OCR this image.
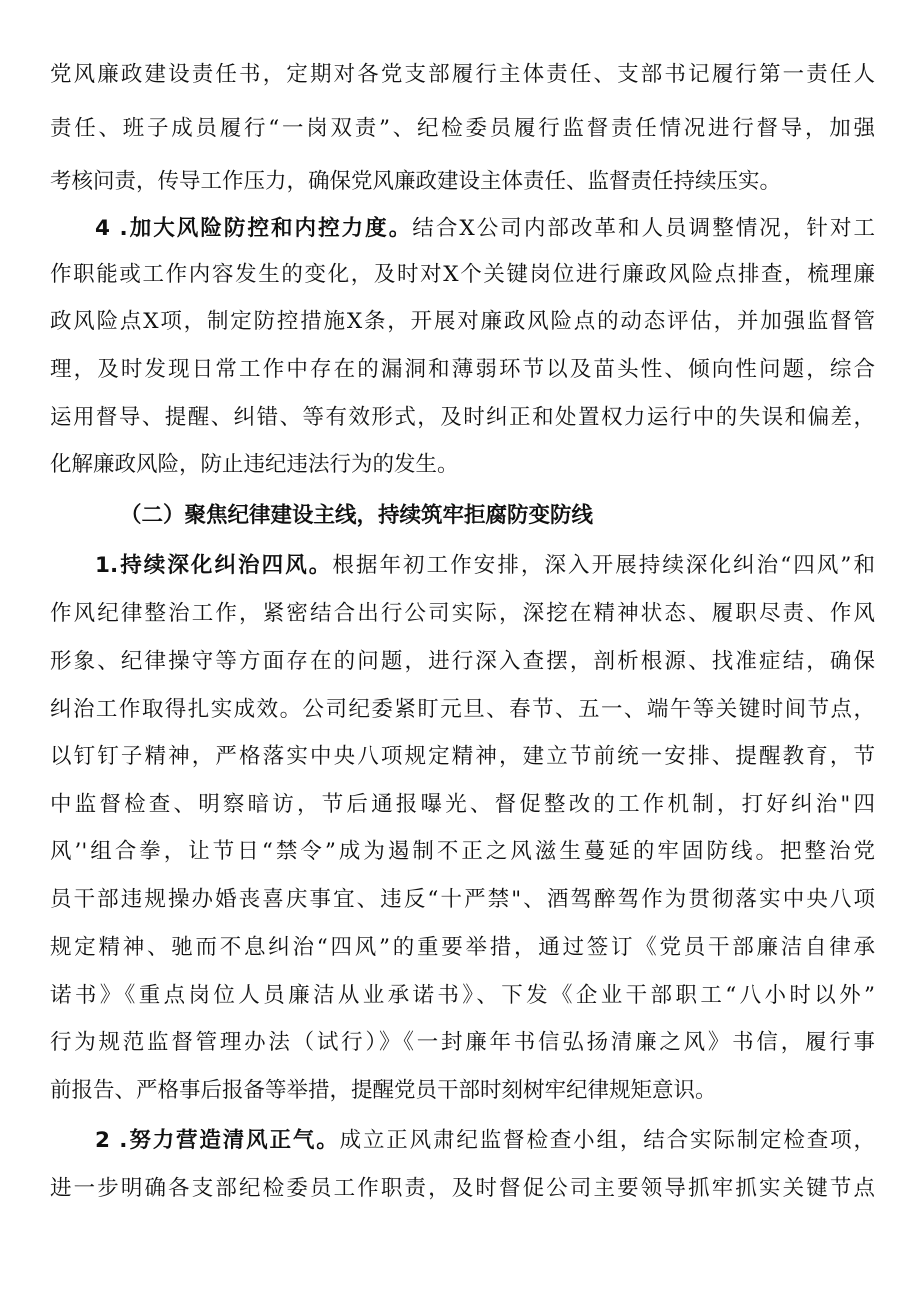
党风廉政建设责任书，定期对各党支部履行主体责任、支部书记履行第一责任人
责任、班子成员履行“一岗双责”、纪检委员履行监督责任情况进行督导，加强
考核问责，传导工作压力，确保党风廉政建设主体责任、监督责任持续压实。
4 .加大风险防控和内控力度。结合X公司内部改革和人员调整情况，针对工
作职能或工作内容发生的变化，及时对X个关键岗位进行廉政风险点排查，梳理廉
政风险点X项，制定防控措施X条，开展对廉政风险点的动态评估，并加强监督管
理，及时发现日常工作中存在的漏洞和薄弱环节以及苗头性、倾向性问题，综合
运用督导、提醒、纠错、等有效形式，及时纠正和处置权力运行中的失误和偏差，
化解廉政风险，防止违纪违法行为的发生。
（二）聚焦纪律建设主线，持续筑牢拒腐防变防线
1.持续深化纠治四风。根据年初工作安排，深入开展持续深化纠治“四风”和
作风纪律整治工作，紧密结合出行公司实际，深挖在精神状态、履职尽责、作风
形象、纪律操守等方面存在的问题，进行深入查摆，剖析根源、找准症结，确保
纠治工作取得扎实成效。公司纪委紧盯元旦、春节、五一、端午等关键时间节点，
以钉钉子精神，严格落实中央八项规定精神，建立节前统一安排、提醒教育，节
中监督检查、明察暗访，节后通报曝光、督促整改的工作机制，打好纠治"四
风’'组合拳，让节日“禁令”成为遏制不正之风滋生蔓延的牢固防线。把整治党
员干部违规操办婚丧喜庆事宜、违反“十严禁"、酒驾醉驾作为贯彻落实中央八项
规定精神、驰而不息纠治“四风”的重要举措，通过签订《党员干部廉洁自律承
诺书》《重点岗位人员廉洁从业承诺书》、下发《企业干部职工“八小时以外”
行为规范监督管理办法（试行）》《一封廉年书信弘扬清廉之风》书信，履行事
前报告、严格事后报备等举措，提醒党员干部时刻树牢纪律规矩意识。
2 .努力营造清风正气。成立正风肃纪监督检查小组，结合实际制定检查项，
进一步明确各支部纪检委员工作职责，及时督促公司主要领导抓牢抓实关键节点
